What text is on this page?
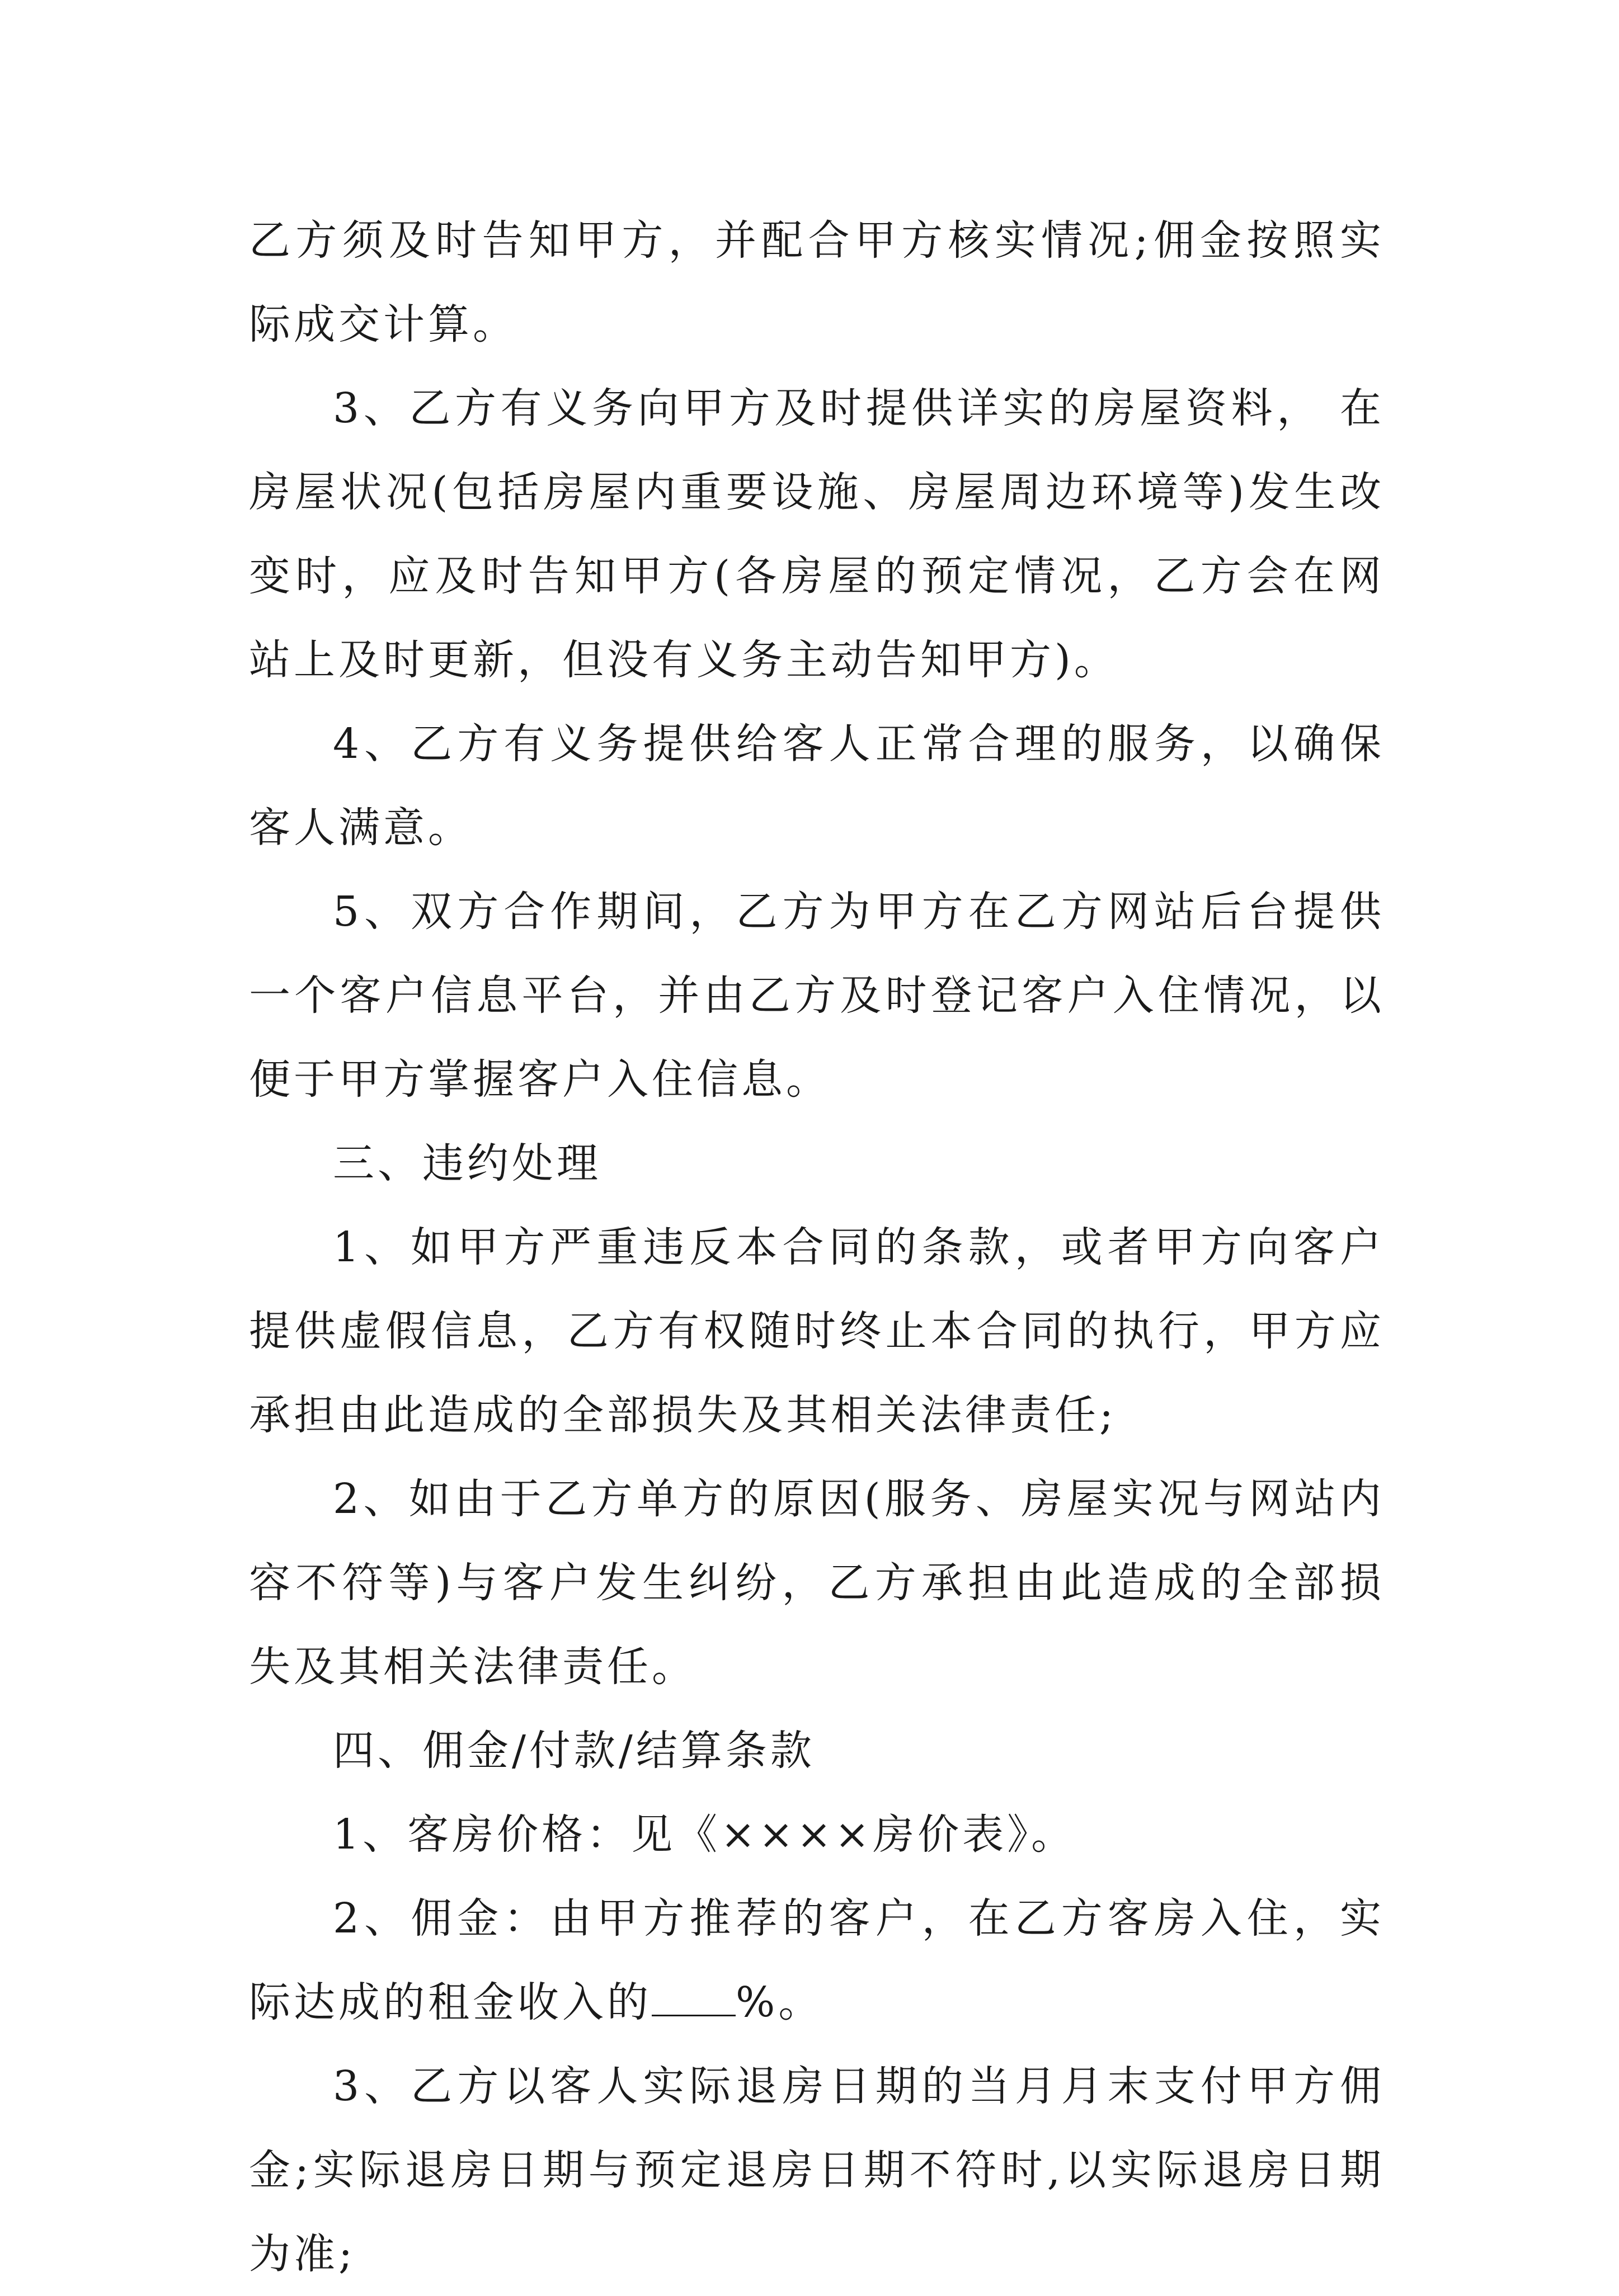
乙方须及时告知甲方，并配合甲方核实情况;佣金按照实际成交计算。

3、乙方有义务向甲方及时提供详实的房屋资料， 在房屋状况(包括房屋内重要设施、房屋周边环境等)发生改变时，应及时告知甲方(各房屋的预定情况，乙方会在网站上及时更新，但没有义务主动告知甲方)。

4、乙方有义务提供给客人正常合理的服务，以确保客人满意。

5、双方合作期间，乙方为甲方在乙方网站后台提供一个客户信息平台，并由乙方及时登记客户入住情况，以便于甲方掌握客户入住信息。

三、违约处理

1、如甲方严重违反本合同的条款，或者甲方向客户提供虚假信息，乙方有权随时终止本合同的执行，甲方应承担由此造成的全部损失及其相关法律责任;

2、如由于乙方单方的原因(服务、房屋实况与网站内容不符等)与客户发生纠纷，乙方承担由此造成的全部损失及其相关法律责任。

四、佣金/付款/结算条款

1、客房价格：见《××××房价表》。

2、佣金：由甲方推荐的客户，在乙方客房入住，实际达成的租金收入的 %。

3、乙方以客人实际退房日期的当月月末支付甲方佣金;实际退房日期与预定退房日期不符时,以实际退房日期为准;
